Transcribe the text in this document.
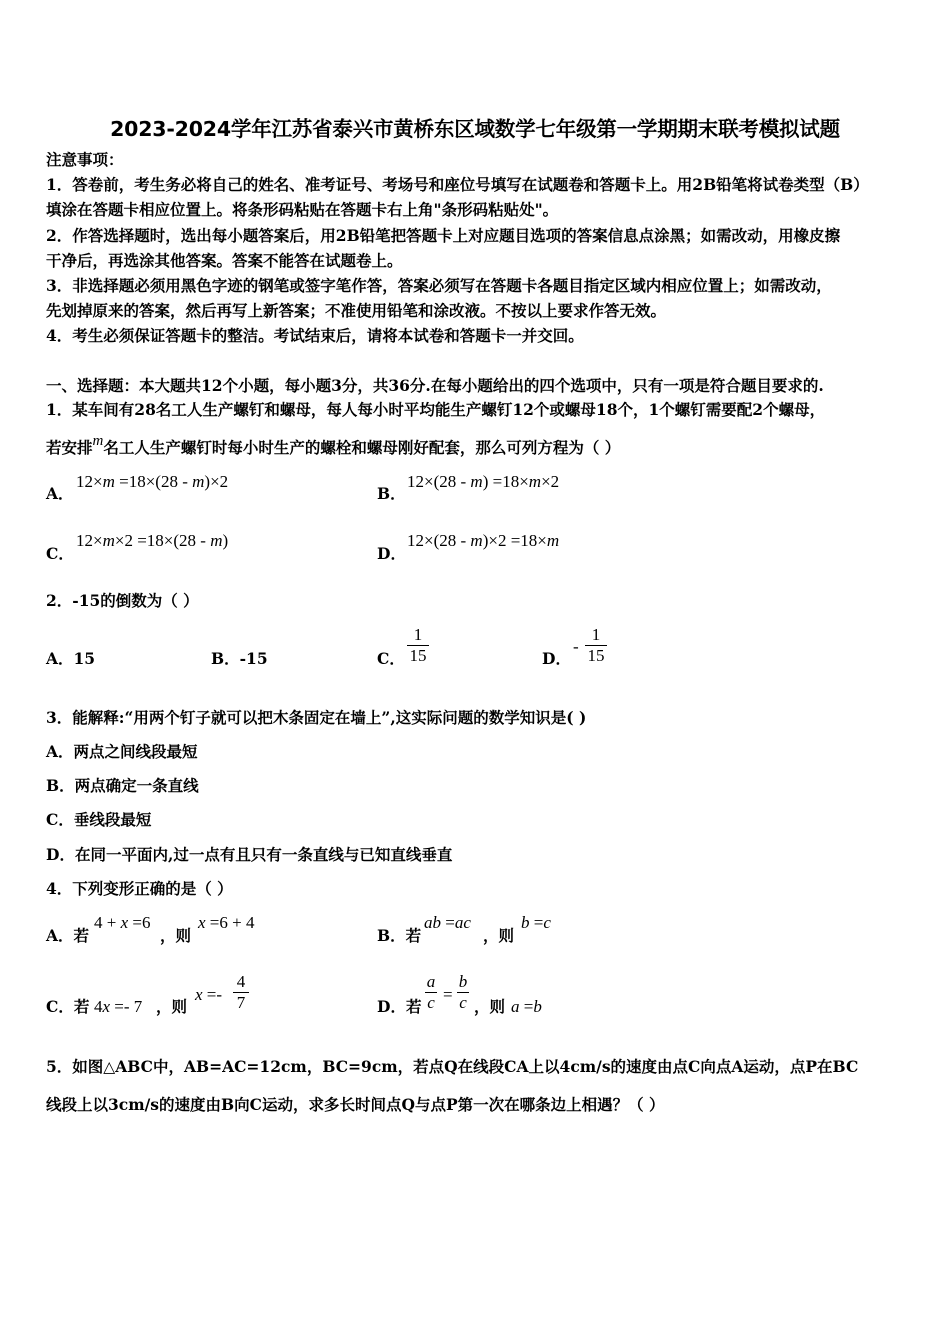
2023-2024学年江苏省泰兴市黄桥东区域数学七年级第一学期期末联考模拟试题
注意事项：
1．答卷前，考生务必将自己的姓名、准考证号、考场号和座位号填写在试题卷和答题卡上。用2B铅笔将试卷类型（B）
填涂在答题卡相应位置上。将条形码粘贴在答题卡右上角"条形码粘贴处"。
2．作答选择题时，选出每小题答案后，用2B铅笔把答题卡上对应题目选项的答案信息点涂黑；如需改动，用橡皮擦
干净后，再选涂其他答案。答案不能答在试题卷上。
3．非选择题必须用黑色字迹的钢笔或签字笔作答，答案必须写在答题卡各题目指定区域内相应位置上；如需改动，
先划掉原来的答案，然后再写上新答案；不准使用铅笔和涂改液。不按以上要求作答无效。
4．考生必须保证答题卡的整洁。考试结束后，请将本试卷和答题卡一并交回。
一、选择题：本大题共12个小题，每小题3分，共36分.在每小题给出的四个选项中，只有一项是符合题目要求的.
1．某车间有28名工人生产螺钉和螺母，每人每小时平均能生产螺钉12个或螺母18个，1个螺钉需要配2个螺母，
若安排m名工人生产螺钉时每小时生产的螺栓和螺母刚好配套，那么可列方程为（ ）
A．
12×m =18×(28 - m)×2
B．
12×(28 - m) =18×m×2
C．
12×m×2 =18×(28 - m)
D．
12×(28 - m)×2 =18×m
2．-15的倒数为（ ）
A．15	B．-15	C．
1
15	D．
-
1
15
3．能解释:“用两个钉子就可以把木条固定在墙上”,这实际问题的数学知识是( )
A．两点之间线段最短
B．两点确定一条直线
C．垂线段最短
D．在同一平面内,过一点有且只有一条直线与已知直线垂直
4．下列变形正确的是（ ）
A．若
4 + x =6
，则
x =6 + 4
B．若
ab =ac
，则
b =c
C．若 4x =- 7 ，则
x =-
4
7	D．若
a
c =
b
c ，则 a =b
5．如图△ABC中，AB=AC=12cm，BC=9cm，若点Q在线段CA上以4cm/s的速度由点C向点A运动，点P在BC
线段上以3cm/s的速度由B向C运动，求多长时间点Q与点P第一次在哪条边上相遇？（ ）
